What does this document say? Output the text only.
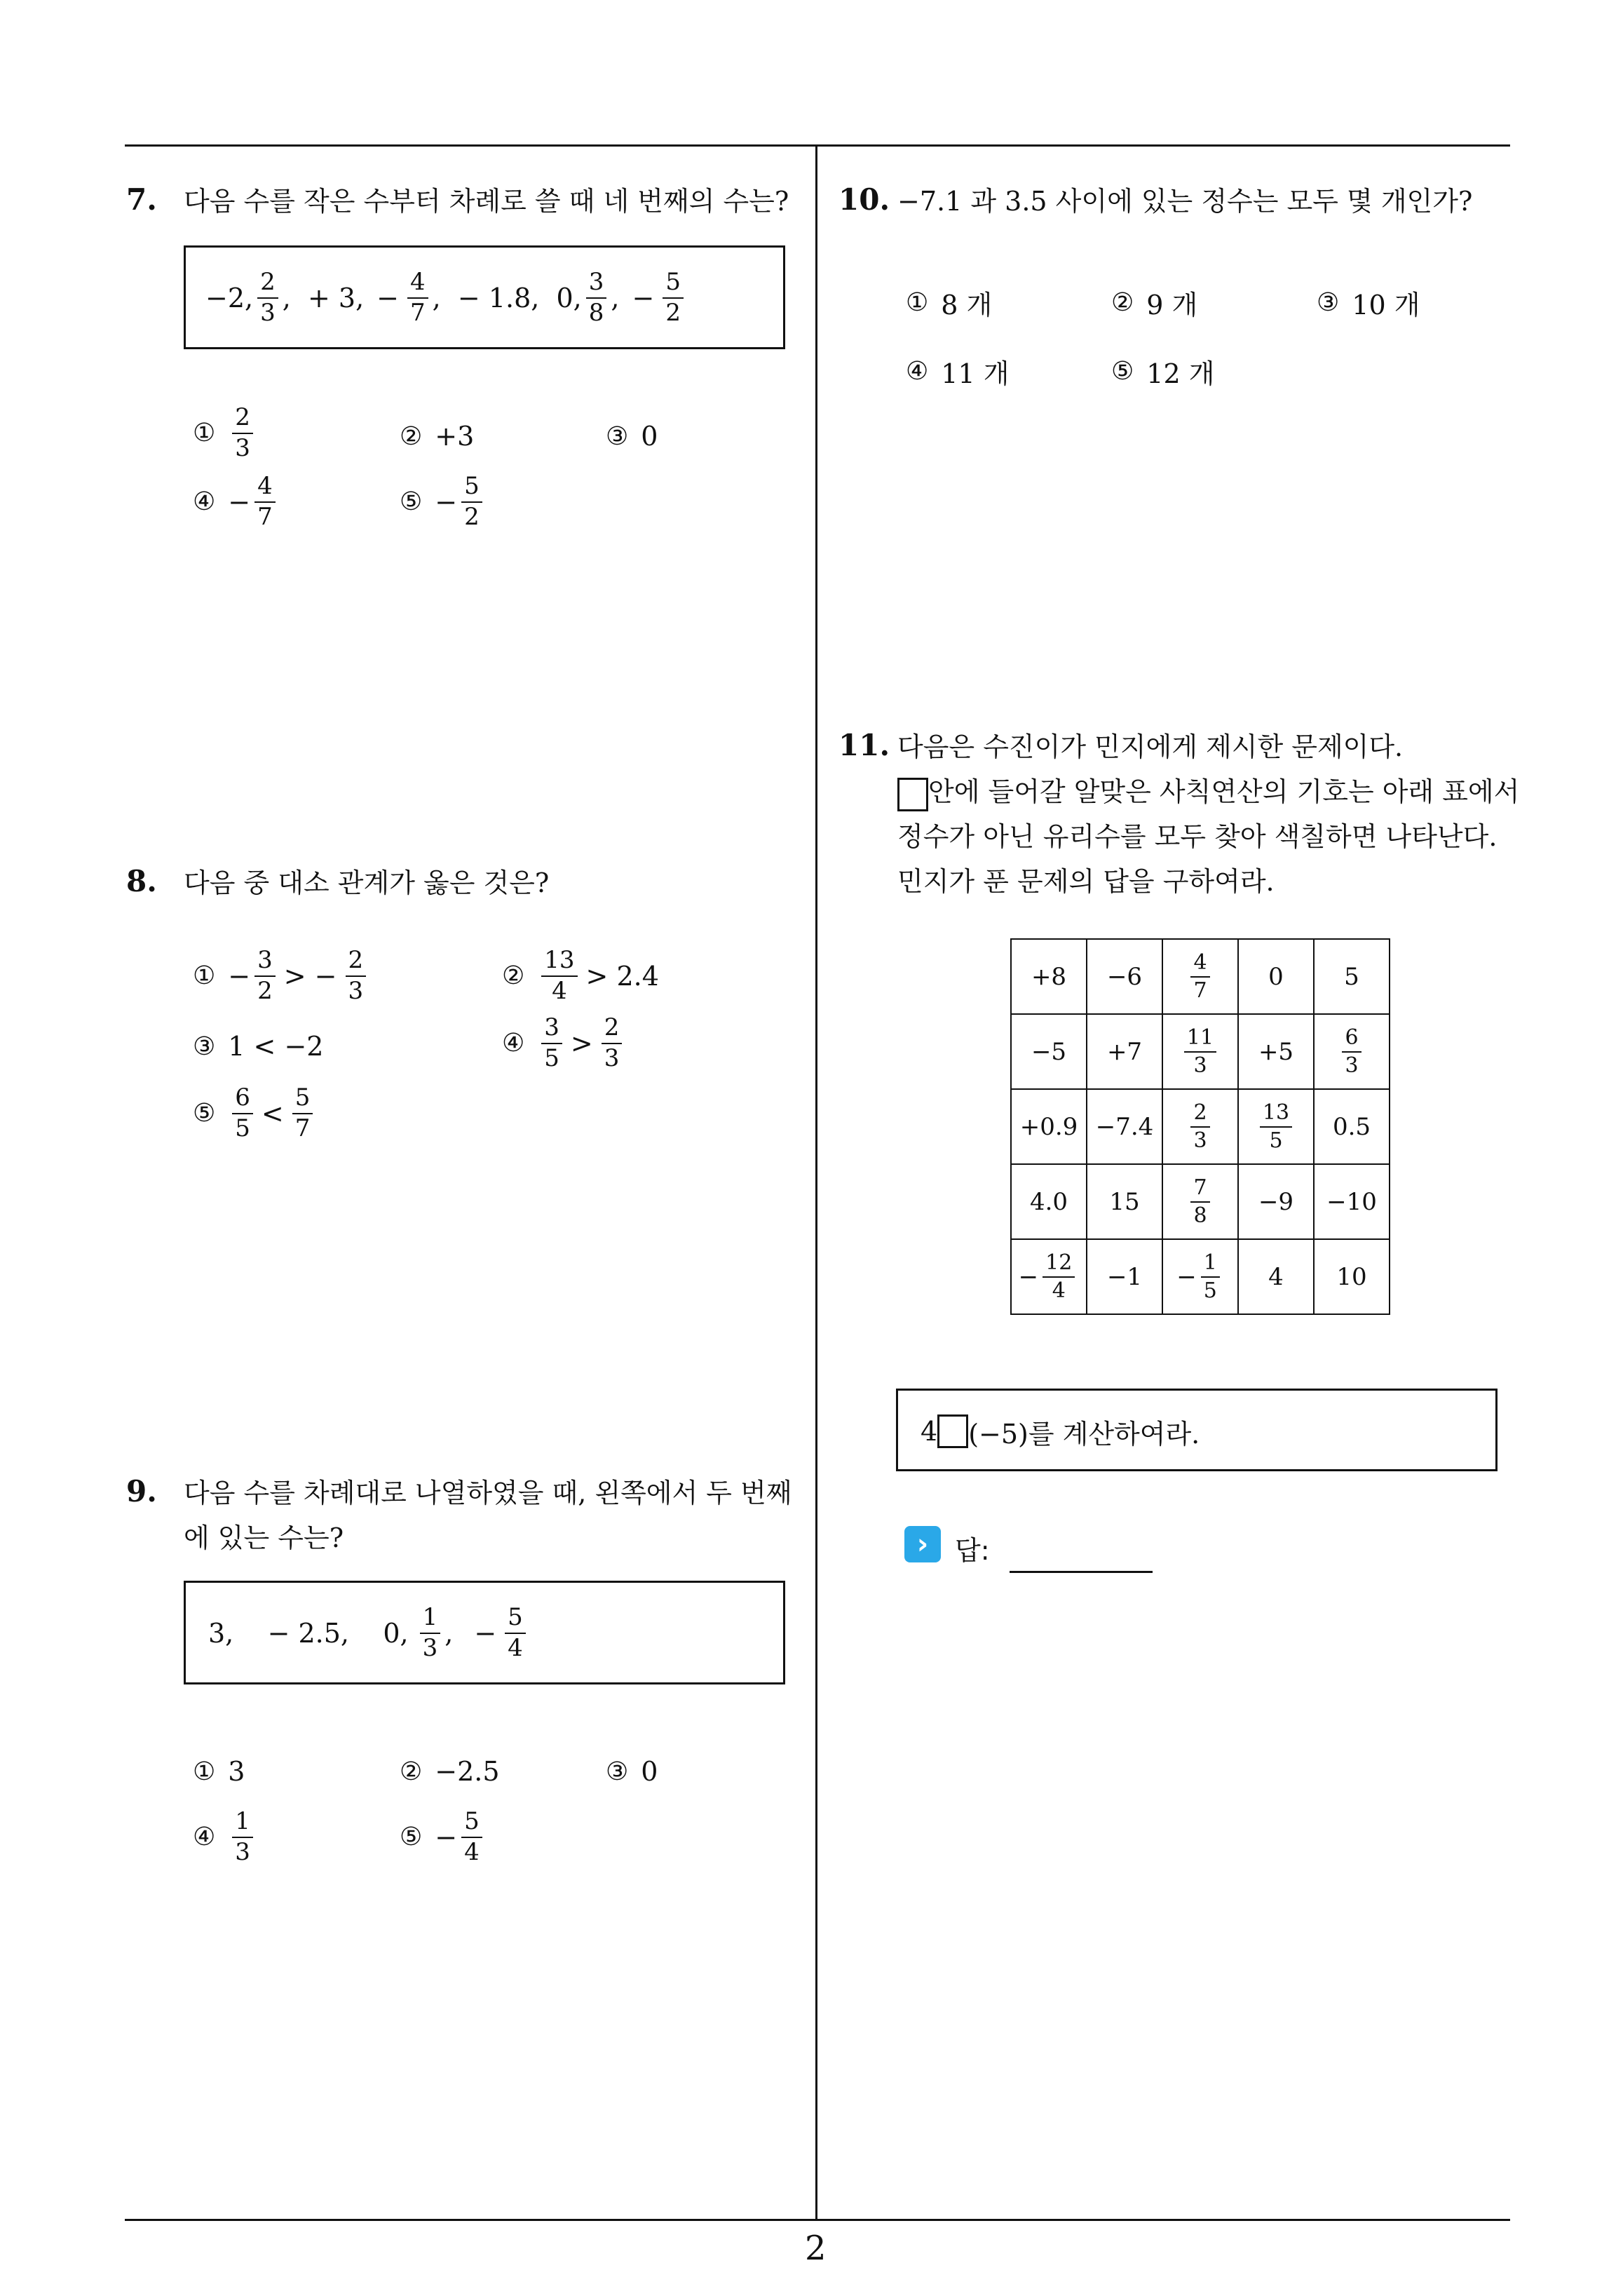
2
7. 다음 수를 작은 수부터 차례로 쓸 때 네 번째의 수는?
−2, $\frac{2}{3}$ ,  + 3, − $\frac{4}{7}$ ,  − 1.8,  0, $\frac{3}{8}$ , − $\frac{5}{2}$
① $\frac{2}{3}$	② +3	③ 0
④ − $\frac{4}{7}$	⑤ − $\frac{5}{2}$
8. 다음 중 대소 관계가 옳은 것은?
① − $\frac{3}{2}$ > − $\frac{2}{3}$	② $\frac{13}{4} > 2.4$
③ 1 < −2	④ $\frac{3}{5} > \frac{2}{3}$
⑤ $\frac{6}{5} < \frac{5}{7}$
9. 다음 수를 차례대로 나열하였을 때, 왼쪽에서 두 번째
에 있는 수는?
3,    − 2.5,    0, $\frac{1}{3}$ , − $\frac{5}{4}$
① 3	② −2.5	③ 0
④ $\frac{1}{3}$	⑤ − $\frac{5}{4}$
10. −7.1 과 3.5 사이에 있는 정수는 모두 몇 개인가?
① 8 개	② 9 개	③ 10 개
④ 11 개	⑤ 12 개
11. 다음은 수진이가 민지에게 제시한 문제이다.
안에 들어갈 알맞은 사칙연산의 기호는 아래 표에서
정수가 아닌 유리수를 모두 찾아 색칠하면 나타난다.
민지가 푼 문제의 답을 구하여라.
+8	−6	$\frac{4}{7}$	0	5
−5	+7	$\frac{11}{3}$	+5	$\frac{6}{3}$

+0.9	−7.4	$\frac{2}{3}$	$\frac{13}{5}$	0.5
4.0	15	$\frac{7}{8}$	−9	−10

− $\frac{12}{4}$	−1	− $\frac{1}{5}$	4	10
4 (−5)를 계산하여라.
› 답:
